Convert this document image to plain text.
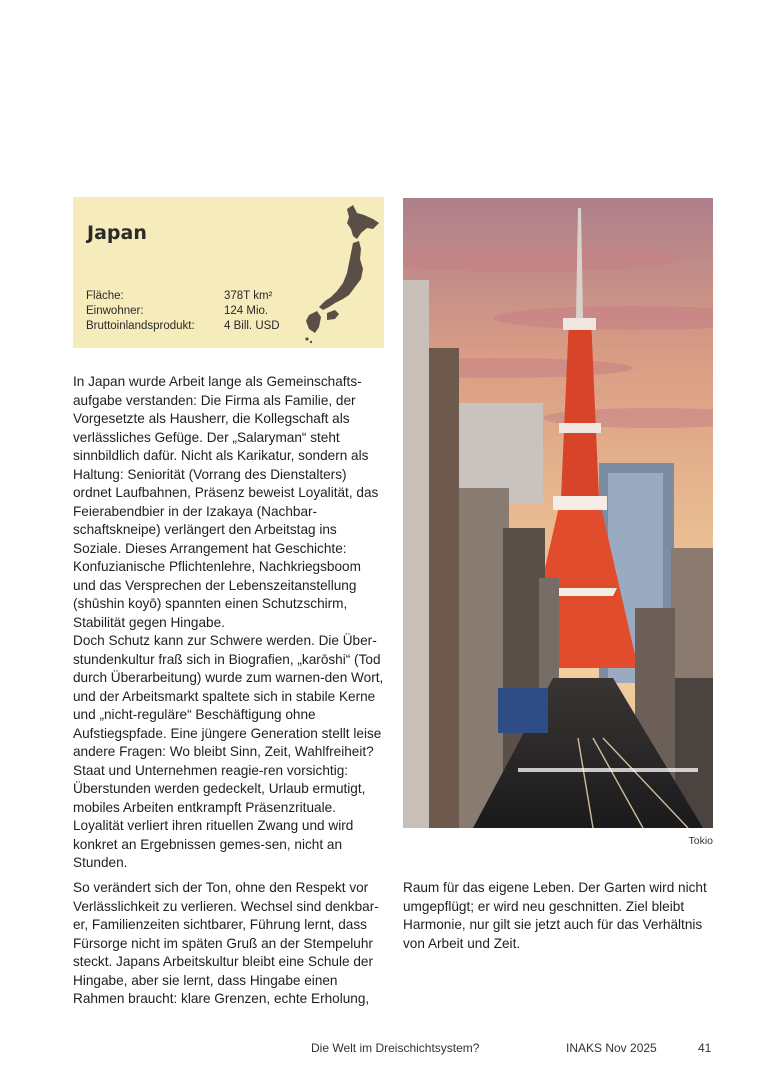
Japan
Fläche:	378T km²
Einwohner:	124 Mio.
Bruttoinlandsprodukt:	4 Bill. USD

In Japan wurde Arbeit lange als Gemeinschafts-aufgabe verstanden: Die Firma als Familie, der Vorgesetzte als Hausherr, die Kollegschaft als verlässliches Gefüge. Der „Salaryman“ steht sinnbildlich dafür. Nicht als Karikatur, sondern als Haltung: Seniorität (Vorrang des Dienstalters) ordnet Laufbahnen, Präsenz beweist Loyalität, das Feierabendbier in der Izakaya (Nachbar-schaftskneipe) verlängert den Arbeitstag ins Soziale. Dieses Arrangement hat Geschichte: Konfuzianische Pflichtenlehre, Nachkriegsboom und das Versprechen der Lebenszeitanstellung (shūshin koyō) spannten einen Schutzschirm, Stabilität gegen Hingabe.

Doch Schutz kann zur Schwere werden. Die Über-stundenkultur fraß sich in Biografien, „karōshi“ (Tod durch Überarbeitung) wurde zum warnen-den Wort, und der Arbeitsmarkt spaltete sich in stabile Kerne und „nicht-reguläre“ Beschäftigung ohne Aufstiegspfade. Eine jüngere Generation stellt leise andere Fragen: Wo bleibt Sinn, Zeit, Wahlfreiheit? Staat und Unternehmen reagie-ren vorsichtig: Überstunden werden gedeckelt, Urlaub ermutigt, mobiles Arbeiten entkrampft Präsenzrituale. Loyalität verliert ihren rituellen Zwang und wird konkret an Ergebnissen gemes-sen, nicht an Stunden.

Tokio

So verändert sich der Ton, ohne den Respekt vor Verlässlichkeit zu verlieren. Wechsel sind denkbar-er, Familienzeiten sichtbarer, Führung lernt, dass Fürsorge nicht im späten Gruß an der Stempeluhr steckt. Japans Arbeitskultur bleibt eine Schule der Hingabe, aber sie lernt, dass Hingabe einen Rahmen braucht: klare Grenzen, echte Erholung,

Raum für das eigene Leben. Der Garten wird nicht umgepflügt; er wird neu geschnitten. Ziel bleibt Harmonie, nur gilt sie jetzt auch für das Verhältnis von Arbeit und Zeit.

Die Welt im Dreischichtsystem?	INAKS Nov 2025	41
